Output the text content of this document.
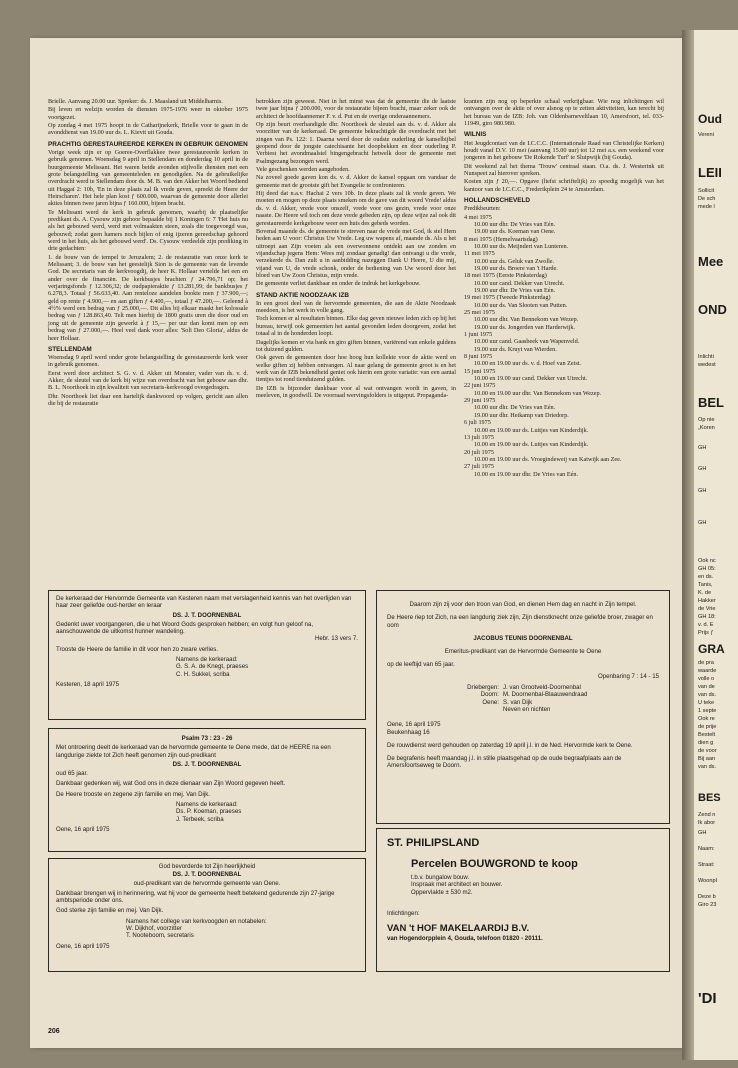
Brielle. Aanvang 20.00 uur. Spreker: ds. J. Maasland uit Middelharnis.

Bij leven en welzijn worden de diensten 1975-1976 weer in oktober 1975 voortgezet.

Op zondag 4 mei 1975 hoopt in de Catharijnekerk, Brielle voor te gaan in de avonddienst van 19.00 uur ds. L. Kievit uit Gouda.

PRACHTIG GERESTAUREERDE KERKEN IN GEBRUIK GENOMEN

Vorige week zijn er op Goeree-Overflakkee twee gerestaureerde kerken in gebruik genomen. Woensdag 9 april in Stellendam en donderdag 10 april in de buurgemeente Melissant. Het waren beide avonden stijlvolle diensten met een grote belangstelling van gemeenteleden en genodigden. Na de gebruikelijke overdracht werd te Stellendam door ds. M. B. van den Akker het Woord bediend uit Haggaï 2: 10b, 'En in deze plaats zal Ik vrede geven, spreekt de Heere der Heirscharen'. Het hele plan kost ƒ 600.000, waarvan de gemeente door allerlei akties binnen twee jaren bijna ƒ 160.000, bijeen bracht.

Te Melissant werd de kerk in gebruik genomen, waarbij de plaatselijke predikant ds. A. Cysouw zijn gehoor bepaalde bij 1 Koningen 6: 7 'Het huis nu als het gebouwd werd, werd met volmaakten steen, zoals die toegevoegd was, gebouwd; zodat geen hamers noch bijlen of enig ijzeren gereedschap gehoord werd in het huis, als het gebouwd werd'. Ds. Cysouw verdeelde zijn prediking in drie gedachten:

1. de bouw van de tempel te Jeruzalem; 2. de restauratie van onze kerk te Melissant; 3. de bouw van het geestelijk Sion is de gemeente van de levende God. De secretaris van de kerkvoogdij, de heer K. Hollaar vertelde het een en ander over de financiën. De kerkbusjes brachten ƒ 24.796,71 op; het verjaringsfonds ƒ 12.306,32; de oudpapieraktie ƒ 13.281,99; de bankbusjes ƒ 6.278,3. Totaal ƒ 56.633,40. Aan renteloze aandelen bookte men ƒ 37.900,—; geld op rente ƒ 4.900,— en aan giften ƒ 4.400,—, totaal ƒ 47.200,—. Geleend à 4½% werd een bedrag van ƒ 25.000,—. Dit alles bij elkaar maakt het kolossale bedrag van ƒ 128.863,40. Telt men hierbij de 1800 gratis uren die door oud en jong uit de gemeente zijn gewerkt à ƒ 15,— per uur dan komt men op een bedrag van ƒ 27.000,—. Heel veel dank voor alles: 'Soli Deo Gloria', aldus de heer Hollaar.

STELLENDAM

Woensdag 9 april werd onder grote belangstelling de gerestaureerde kerk weer in gebruik genomen.

Eerst werd door architect S. G. v. d. Akker uit Monster, vader van ds. v. d. Akker, de sleutel van de kerk bij wijze van overdracht van het gebouw aan dhr. B. L. Noorthoek in zijn kwaliteit van secretaris-kerkvoogd overgedragen.

Dhr. Noorthoek liet daar een hartelijk dankwoord op volgen, gericht aan allen die bij de restauratie

betrokken zijn geweest. Niet in het minst was dat de gemeente die de laatste twee jaar bijna ƒ 200.000, voor de restauratie bijeen bracht, maar zeker ook de architect de hoofdaannemer F. v. d. Put en de overige onderaannemers.

Op zijn beurt overhandigde dhr. Noorthoek de sleutel aan ds. v. d. Akker als voorzitter van de kerkeraad. De gemeente bekrachtigde die overdracht met het zingen van Ps. 122: 1. Daarna werd door de oudste ouderling de kanselbijbel geopend door de jongste catechisante het doopbekken en door ouderling P. Verbiest het avondmaalstel bingengebracht hetwelk door de gemeente met Psalmgezang bezongen werd.

Vele geschenken werden aangeboden.

Na zoveel goede gaven kon ds. v. d. Akker de kansel opgaan om vandaar de gemeente met de grootste gift het Evangelie te confronteren.

Hij deed dat n.a.v. Hachai 2 vers 10b. In deze plaats zal ik vrede geven. We moeten en mogen op deze plaats smeken om de gave van dit woord Vrede! aldus ds. v. d. Akker, vrede voor onszelf, vrede voor ons gezin, vrede voor onze naaste. De Heere wil toch om deze vrede gebeden zijn, op deze wijze zal ook dit gerestaureerde kerkgebouw weer een huis des gebeds worden.

Bovenal maande ds. de gemeente te streven naar de vrede met God, ik stel Hem heden aan U voor: Christus Uw Vrede. Leg uw wapens af, maande ds. Als u het uitroept aan Zijn voeten als een overwonnene ontdekt aan uw zonden en vijandschap jegens Hem: Wees mij zondaar genadig! dan ontvangt u die vrede, verzekerde ds. Dan zult u in aanbidding nazeggen Dank U Heere, U die mij, vijand van U, de vrede schonk, onder de bediening van Uw woord door het bloed van Uw Zoon Christus, mijn vrede.

De gemeente verliet dankbaar en onder de indruk het kerkgebouw.

STAND AKTIE NOODZAAK IZB

In een groot deel van de hervormde gemeenten, die aan de Aktie Noodzaak meedoen, is het werk in volle gang.

Toch komen er al resultaten binnen. Elke dag geven nieuwe leden zich op bij het bureau, terwijl ook gemeenten het aantal gevonden leden doorgeven, zodat het totaal al in de honderden loopt.

Dagelijks komen er via bank en giro giften binnen, variërend van enkele guldens tot duizend gulden.

Ook geven de gemeenten door hoe hoog hun kollekte voor de aktie werd en welke giften zij hebben ontvangen. Al naar gelang de gemeente groot is en het werk van de IZB bekendheid geniet ook hierin een grote variatie: van een aantal tientjes tot rond tienduizend gulden.

De IZB is bijzonder dankbaar voor al wat ontvangen wordt in gaven, in meeleven, in goodwill. De voorraad wervingsfolders is uitgeput. Propaganda-

kranten zijn nog op beperkte schaal verkrijgbaar. Wie nog inlichtingen wil ontvangen over de aktie of over alsnog op te zetten aktiviteiten, kan terecht bij het bureau van de IZB: Joh. van Oldenbarneveltlaan 10, Amersfoort, tel. 033-11949, giro 980.980.

WILNIS

Het Jeugdcontact van de I.C.C.C. (Internationale Raad van Christelijke Kerken) houdt vanaf D.V. 10 mei (aanvang 15.00 uur) tot 12 mei a.s. een weekend voor jongeren in het gebouw 'De Rokende Turf' te Sluipwijk (bij Gouda).

Dit weekend zal het thema 'Trouw' centraal staan. O.a. ds. J. Westerink uit Nunspeet zal hierover spreken.

Kosten zijn ƒ 20,—. Opgave (liefst schriftelijk) zo spoedig mogelijk van het kantoor van de I.C.C.C., Frederikplein 24 te Amsterdam.

HOLLANDSCHEVELD

Predikbeurten:

4 mei 1975
10.00 uur dhr. De Vries van Eén.
19.00 uur ds. Koeman van Oene.
8 mei 1975 (Hemelvaartsdag)
10.00 uur ds. Meijndert van Lunteren.
11 mei 1975
10.00 uur ds. Geluk van Zwolle.
19.00 uur ds. Broere van 't Harde.
18 mei 1975 (Eerste Pinksterdag)
10.00 uur cand. Dekker van Utrecht.
19.00 uur dhr. De Vries van Eén.
19 mei 1975 (Tweede Pinksterdag)
10.00 uur ds. Van Slooten van Putten.
25 mei 1975
10.00 uur dhr. Van Bennekom van Wezep.
19.00 uur ds. Jongerden van Harderwijk.
1 juni 1975
10.00 uur cand. Gaasbeek van Wapenveld.
19.00 uur ds. Kruyt van Wierden.
8 juni 1975
10.00 en 19.00 uur ds. v. d. Hoef van Zeist.
15 juni 1975
10.00 en 19.00 uur cand. Dekker van Utrecht.
22 juni 1975
10.00 en 19.00 uur dhr. Van Bennekom van Wezep.
29 juni 1975
10.00 uur dhr. De Vries van Eén.
19.00 uur dhr. Heikamp van Driedorp.
6 juli 1975
10.00 en 19.00 uur ds. Luitjes van Kinderdijk.
13 juli 1975
10.00 en 19.00 uur ds. Luitjes van Kinderdijk.
20 juli 1975
10.00 en 19.00 uur ds. Vroegindeweij van Katwijk aan Zee.
27 juli 1975
10.00 en 19.00 uur dhr. De Vries van Eén.
De kerkeraad der Hervormde Gemeente van Kesteren naam met verslagenheid kennis van het overlijden van haar zeer geliefde oud-herder en leraar
DS. J. T. DOORNENBAL
Gedenkt uwer voorgangeren, die u het Woord Gods gesproken hebben; en volgt hun geloof na, aanschouwende de uitkomst hunner wandeling.
Hebr. 13 vers 7.
Trooste de Heere de familie in dit voor hen zo zware verlies.
Namens de kerkeraad:
G. S. A. de Knegt, praeses
C. H. Sukkel, scriba
Kesteren, 18 april 1975
Psalm 73 : 23 - 26
Met ontroering deelt de kerkeraad van de hervormde gemeente te Oene mede, dat de HEERE na een langdurige ziekte tot Zich heeft genomen zijn oud-predikant
DS. J. T. DOORNENBAL
oud 65 jaar.
Dankbaar gedenken wij, wat God ons in deze dienaar van Zijn Woord gegeven heeft.
De Heere trooste en zegene zijn familie en mej. Van Dijk.
Namens de kerkeraad:
Ds. P. Koeman, praeses
J. Terbeek, scriba
Oene, 16 april 1975
God bevorderde tot Zijn heerlijkheid
DS. J. T. DOORNENBAL
oud-predikant van de hervormde gemeente van Oene.
Dankbaar brengen wij in herinnering, wat hij voor de gemeente heeft betekend gedurende zijn 27-jarige ambtsperiode onder ons.
God sterke zijn familie en mej. Van Dijk.
Namens het college van kerkvoogden en notabelen:
W. Dijkhof, voorzitter
T. Nooteboom, secretaris
Oene, 16 april 1975
Daarom zijn zij voor den troon van God, en dienen Hem dag en nacht in Zijn tempel.
De Heere riep tot Zich, na een langdurig ziek zijn, Zijn dienstknecht onze geliefde broer, zwager en oom
JACOBUS TEUNIS DOORNENBAL
Emeritus-predikant van de Hervormde Gemeente te Oene
op de leeftijd van 65 jaar.
Openbaring 7 : 14 - 15
Driebergen: J. van Grootveld-Doornenbal
Doorn: M. Doornenbal-Blaauwendraad
Oene: S. van Dijk
Neven en nichten
Oene, 16 april 1975
Beukenhaag 16
De rouwdienst werd gehouden op zaterdag 19 april j.l. in de Ned. Hervormde kerk te Oene.
De begrafenis heeft maandag j.l. in stille plaatsgehad op de oude begraafplaats aan de Amersfoortseweg te Doorn.
ST. PHILIPSLAND
Percelen BOUWGROND te koop
t.b.v. bungalow bouw.
Inspraak met architect en bouwer.
Oppervlakte ± 530 m2.
Inlichtingen:
VAN 't HOF MAKELAARDIJ B.V.
van Hogendorpplein 4, Gouda, telefoon 01820 - 20111.
206
Oud
Vereni
LEII
Sollicit
De sch
mede l
Mee
OND
Inlichti
wedest
BEL
Op nie
„Koren
GH
GH
GH
GH
Ook nc
GH 05:
en ds.
Tanis,
K. de
Hakker
de Vrie
GH 18:
v. d. E
Prijs ƒ
GRA
de pra
waarde
volle o
van de
van ds.
U teke
1 septe
Ook re
de prije
Bestelt
dien g
de voor
Bij aan
van ds.
BES
Zend n
Ik abor
GH
Naam:
Straat:
Woonpl
Deze b
Giro 23
'DI
